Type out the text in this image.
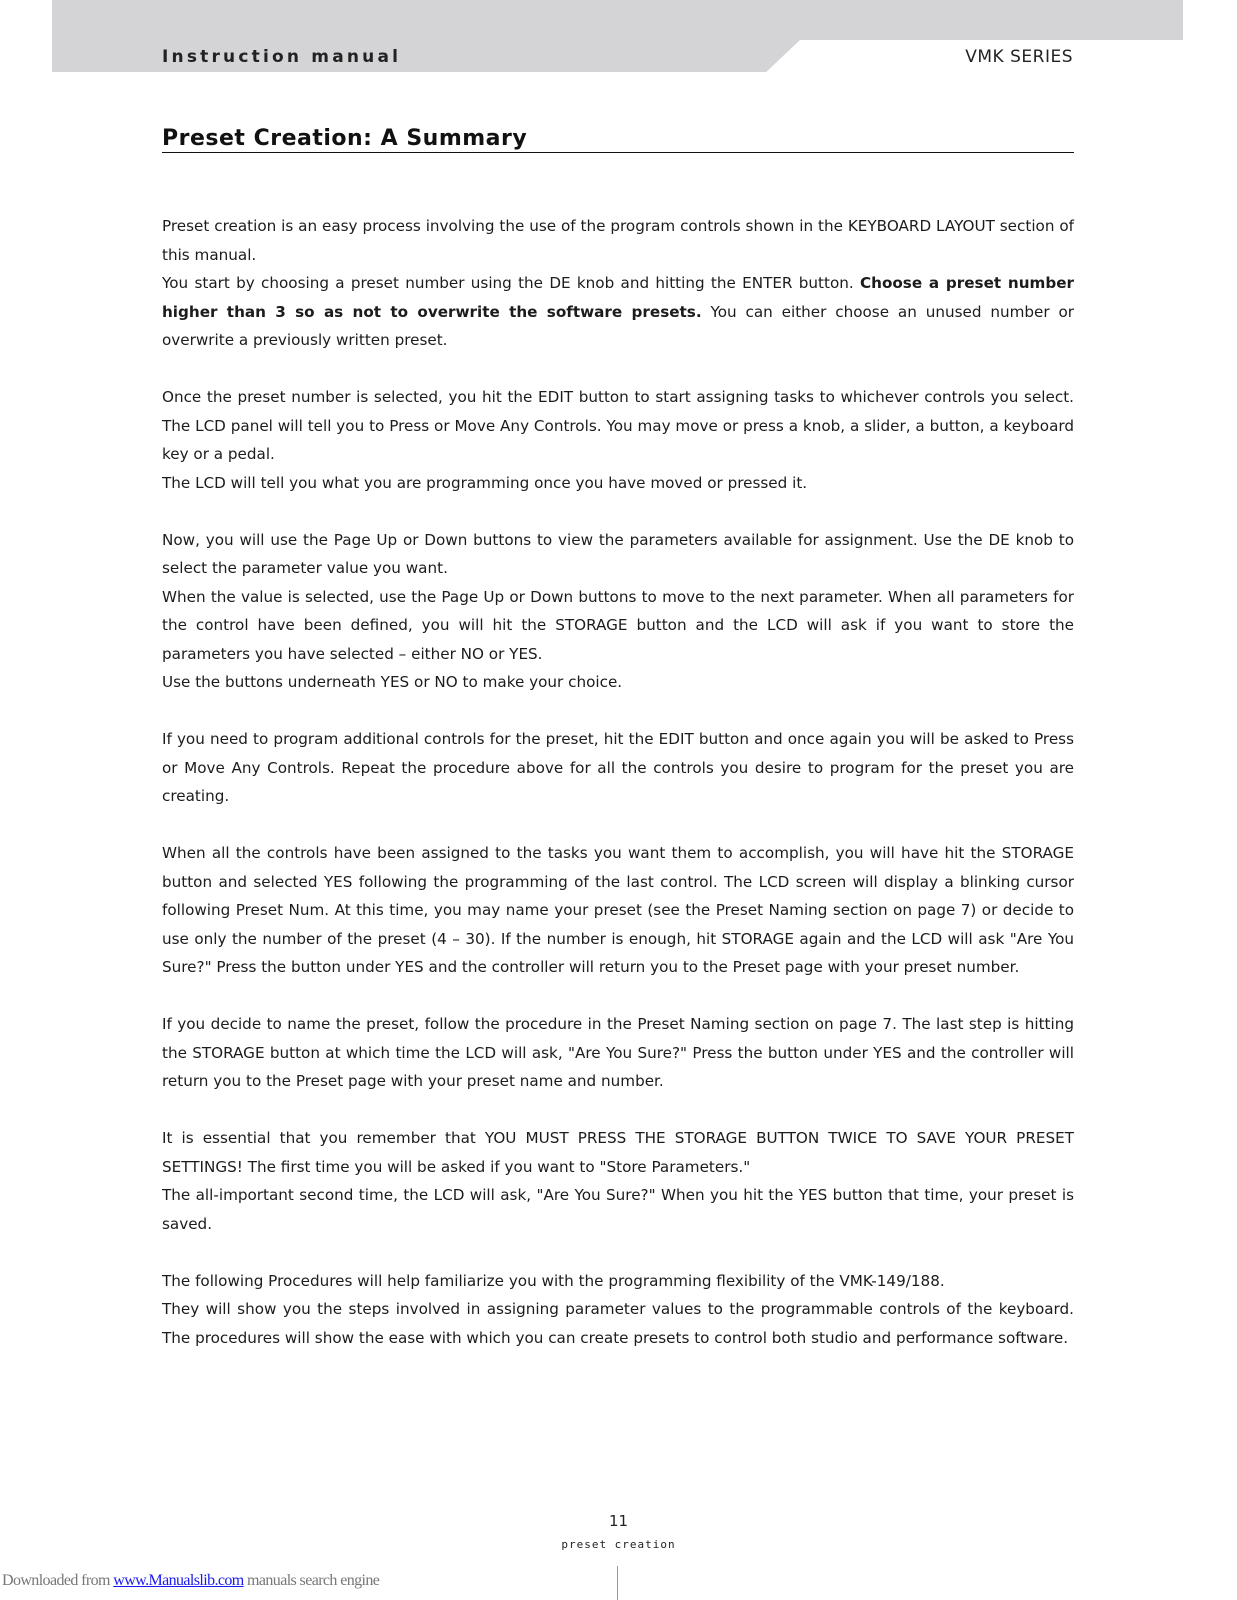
Instruction manual	VMK SERIES
Preset Creation: A Summary

Preset creation is an easy process involving the use of the program controls shown in the KEYBOARD LAYOUT section of this manual.

You start by choosing a preset number using the DE knob and hitting the ENTER button. Choose a preset number higher than 3 so as not to overwrite the software presets. You can either choose an unused number or overwrite a previously written preset.

Once the preset number is selected, you hit the EDIT button to start assigning tasks to whichever controls you select. The LCD panel will tell you to Press or Move Any Controls. You may move or press a knob, a slider, a button, a keyboard key or a pedal.

The LCD will tell you what you are programming once you have moved or pressed it.

Now, you will use the Page Up or Down buttons to view the parameters available for assignment. Use the DE knob to select the parameter value you want.

When the value is selected, use the Page Up or Down buttons to move to the next parameter. When all parameters for the control have been defined, you will hit the STORAGE button and the LCD will ask if you want to store the parameters you have selected – either NO or YES.

Use the buttons underneath YES or NO to make your choice.

If you need to program additional controls for the preset, hit the EDIT button and once again you will be asked to Press or Move Any Controls. Repeat the procedure above for all the controls you desire to program for the preset you are creating.

When all the controls have been assigned to the tasks you want them to accomplish, you will have hit the STORAGE button and selected YES following the programming of the last control. The LCD screen will display a blinking cursor following Preset Num. At this time, you may name your preset (see the Preset Naming section on page 7) or decide to use only the number of the preset (4 – 30). If the number is enough, hit STORAGE again and the LCD will ask "Are You Sure?" Press the button under YES and the controller will return you to the Preset page with your preset number.

If you decide to name the preset, follow the procedure in the Preset Naming section on page 7. The last step is hitting the STORAGE button at which time the LCD will ask, "Are You Sure?" Press the button under YES and the controller will return you to the Preset page with your preset name and number.

It is essential that you remember that YOU MUST PRESS THE STORAGE BUTTON TWICE TO SAVE YOUR PRESET SETTINGS! The first time you will be asked if you want to "Store Parameters."

The all-important second time, the LCD will ask, "Are You Sure?" When you hit the YES button that time, your preset is saved.

The following Procedures will help familiarize you with the programming flexibility of the VMK-149/188.

They will show you the steps involved in assigning parameter values to the programmable controls of the keyboard. The procedures will show the ease with which you can create presets to control both studio and performance software.

11
preset creation
Downloaded from www.Manualslib.com manuals search engine
